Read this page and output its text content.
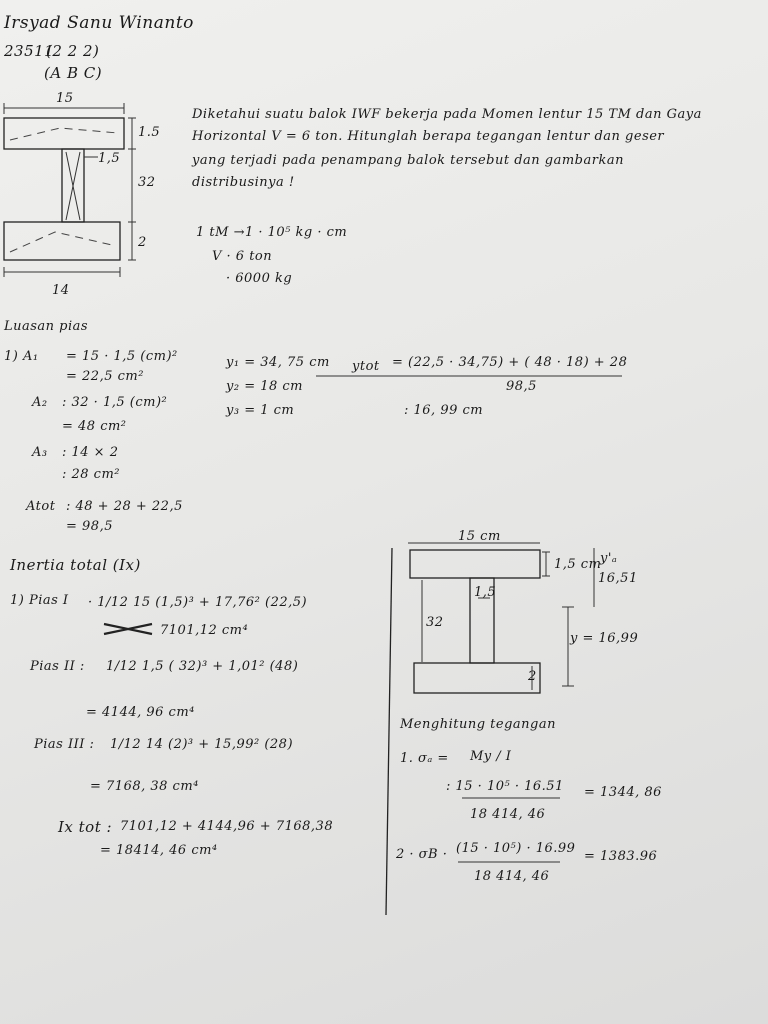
Irsyad Sanu Winanto
23511
(2 2 2)
(A B C)
15
1.5
1,5
32
2
14
Diketahui suatu balok IWF bekerja pada Momen lentur 15 TM dan Gaya
Horizontal V = 6 ton. Hitunglah berapa tegangan lentur dan geser
yang terjadi pada penampang balok tersebut dan gambarkan
distribusinya !
1 tM →1 · 10⁵ kg · cm
V · 6 ton
· 6000 kg
Luasan pias
1) A₁ = 15 · 1,5 (cm)²
= 22,5 cm²
A₂ : 32 · 1,5 (cm)²
= 48 cm²
A₃ : 14 × 2
: 28 cm²
Atot : 48 + 28 + 22,5
= 98,5
y₁ = 34, 75 cm
y₂ = 18 cm
y₃ = 1 cm
ytot = (22,5 · 34,75) + ( 48 · 18) + 28
98,5
: 16, 99 cm
Inertia total (Ix)
1) Pias I · 1/12 15 (1,5)³ + 17,76² (22,5)
7101,12 cm⁴
Pias II : 1/12 1,5 ( 32)³ + 1,01² (48)
= 4144, 96 cm⁴
Pias III : 1/12 14 (2)³ + 15,99² (28)
= 7168, 38 cm⁴
Ix tot : 7101,12 + 4144,96 + 7168,38
= 18414, 46 cm⁴
15 cm
1,5 cm
1,5
32
2
y'ₐ
16,51
y = 16,99
Menghitung tegangan
1. σₐ = My / I
: 15 · 10⁵ · 16.51
18 414, 46
= 1344, 86
2 · σB · (15 · 10⁵) · 16.99
18 414, 46
= 1383.96
